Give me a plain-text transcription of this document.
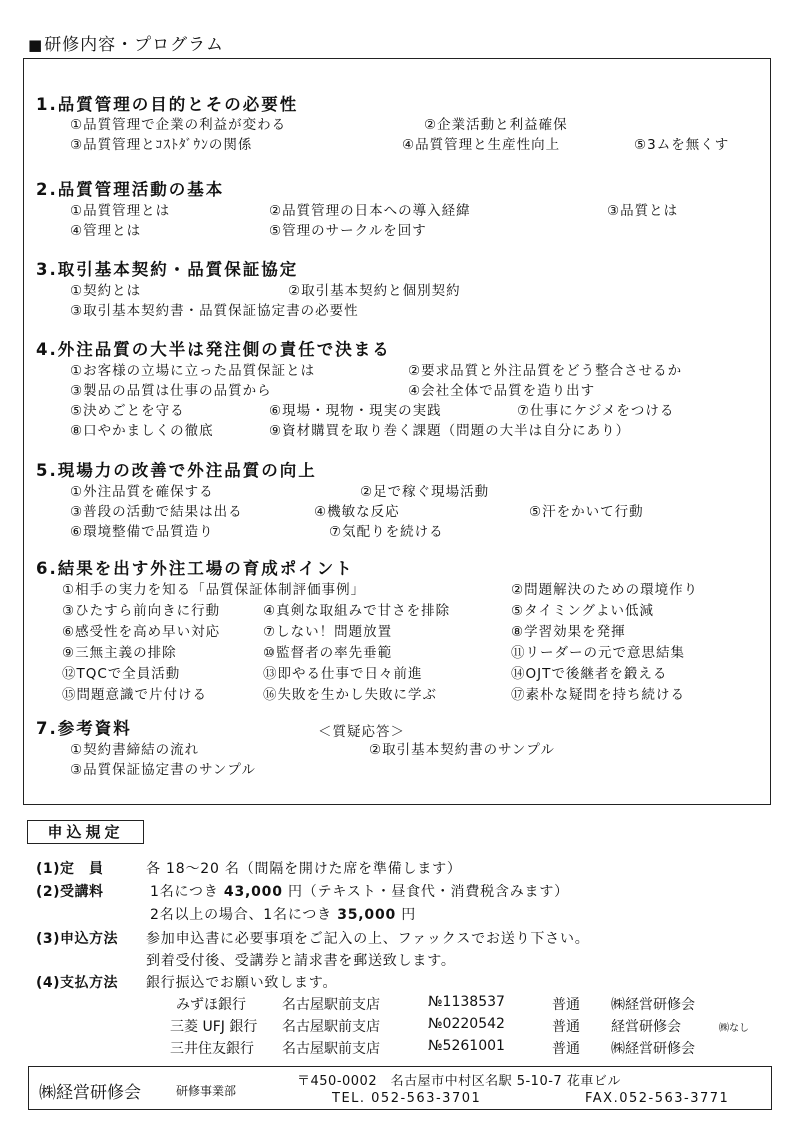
■研修内容・プログラム
1.品質管理の目的とその必要性
①品質管理で企業の利益が変わる	②企業活動と利益確保
③品質管理とｺｽﾄﾀﾞｳﾝの関係	④品質管理と生産性向上	⑤3ムを無くす
2.品質管理活動の基本
①品質管理とは	②品質管理の日本への導入経緯	③品質とは
④管理とは	⑤管理のサークルを回す
3.取引基本契約・品質保証協定
①契約とは	②取引基本契約と個別契約
③取引基本契約書・品質保証協定書の必要性
4.外注品質の大半は発注側の責任で決まる
①お客様の立場に立った品質保証とは	②要求品質と外注品質をどう整合させるか
③製品の品質は仕事の品質から	④会社全体で品質を造り出す
⑤決めごとを守る	⑥現場・現物・現実の実践	⑦仕事にケジメをつける
⑧口やかましくの徹底	⑨資材購買を取り巻く課題（問題の大半は自分にあり）
5.現場力の改善で外注品質の向上
①外注品質を確保する	②足で稼ぐ現場活動
③普段の活動で結果は出る	④機敏な反応	⑤汗をかいて行動
⑥環境整備で品質造り	⑦気配りを続ける
6.結果を出す外注工場の育成ポイント
①相手の実力を知る「品質保証体制評価事例」	②問題解決のための環境作り
③ひたすら前向きに行動	④真剣な取組みで甘さを排除	⑤タイミングよい低減
⑥感受性を高め早い対応	⑦しない！問題放置	⑧学習効果を発揮
⑨三無主義の排除	⑩監督者の率先垂範	⑪リーダーの元で意思結集
⑫TQCで全員活動	⑬即やる仕事で日々前進	⑭OJTで後継者を鍛える
⑮問題意識で片付ける	⑯失敗を生かし失敗に学ぶ	⑰素朴な疑問を持ち続ける
7.参考資料
①契約書締結の流れ	②取引基本契約書のサンプル
③品質保証協定書のサンプル
＜質疑応答＞
申込規定
(1)定　員	各 18〜20 名（間隔を開けた席を準備します）
(2)受講料	1名につき 43,000 円（テキスト・昼食代・消費税含みます）
2名以上の場合、1名につき 35,000 円
(3)申込方法 参加申込書に必要事項をご記入の上、ファックスでお送り下さい。
到着受付後、受講券と請求書を郵送致します。
(4)支払方法 銀行振込でお願い致します。
みずほ銀行	名古屋駅前支店	№1138537	普通 ㈱経営研修会
三菱 UFJ 銀行 名古屋駅前支店	№0220542	普通 経営研修会	㈱なし
三井住友銀行 名古屋駅前支店	№5261001	普通 ㈱経営研修会
㈱経営研修会	研修事業部
〒450-0002　名古屋市中村区名駅 5-10-7 花車ビル
TEL. 052-563-3701	FAX.052-563-3771
